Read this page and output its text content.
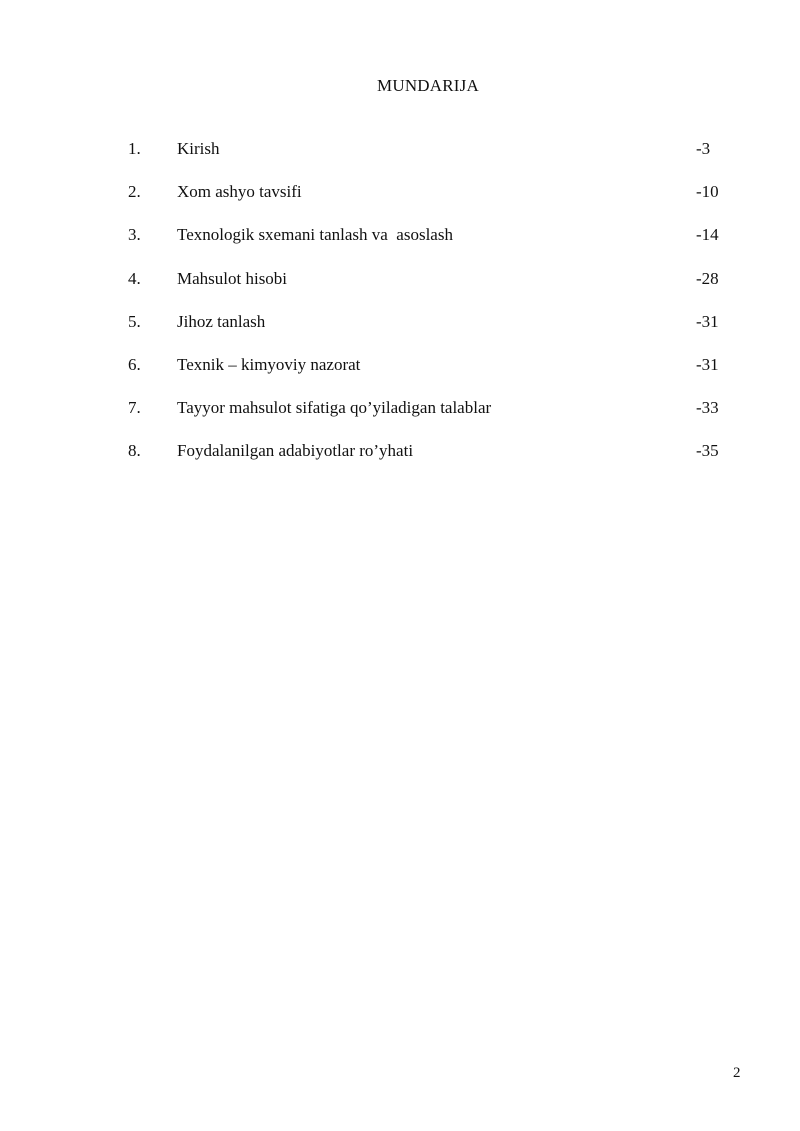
MUNDARIJA
1. Kirish	-3
2. Xom ashyo tavsifi	-10
3. Texnologik sxemani tanlash va  asoslash	-14
4. Mahsulot hisobi	-28
5. Jihoz tanlash	-31
6. Texnik – kimyoviy nazorat	-31
7. Tayyor mahsulot sifatiga qo’yiladigan talablar	-33
8. Foydalanilgan adabiyotlar ro’yhati	-35
2
